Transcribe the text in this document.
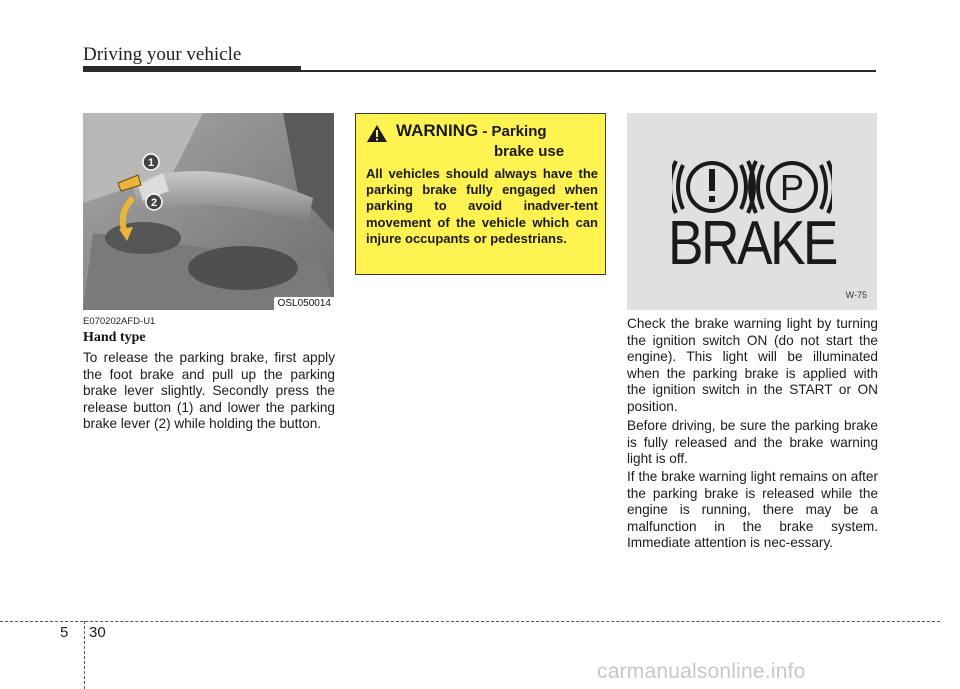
Driving your vehicle
1
2
OSL050014
E070202AFD-U1
Hand type

To release the parking brake, first apply the foot brake and pull up the parking brake lever slightly. Secondly press the release button (1) and lower the parking brake lever (2) while holding the button.

WARNING - Parking
brake use

All vehicles should always have the parking brake fully engaged when parking to avoid inadver-tent movement of the vehicle which can injure occupants or pedestrians.

P
BRAKE
W-75

Check the brake warning light by turning the ignition switch ON (do not start the engine). This light will be illuminated when the parking brake is applied with the ignition switch in the START or ON position.

Before driving, be sure the parking brake is fully released and the brake warning light is off.

If the brake warning light remains on after the parking brake is released while the engine is running, there may be a malfunction in the brake system. Immediate attention is nec-essary.

5 30
carmanualsonline.info
